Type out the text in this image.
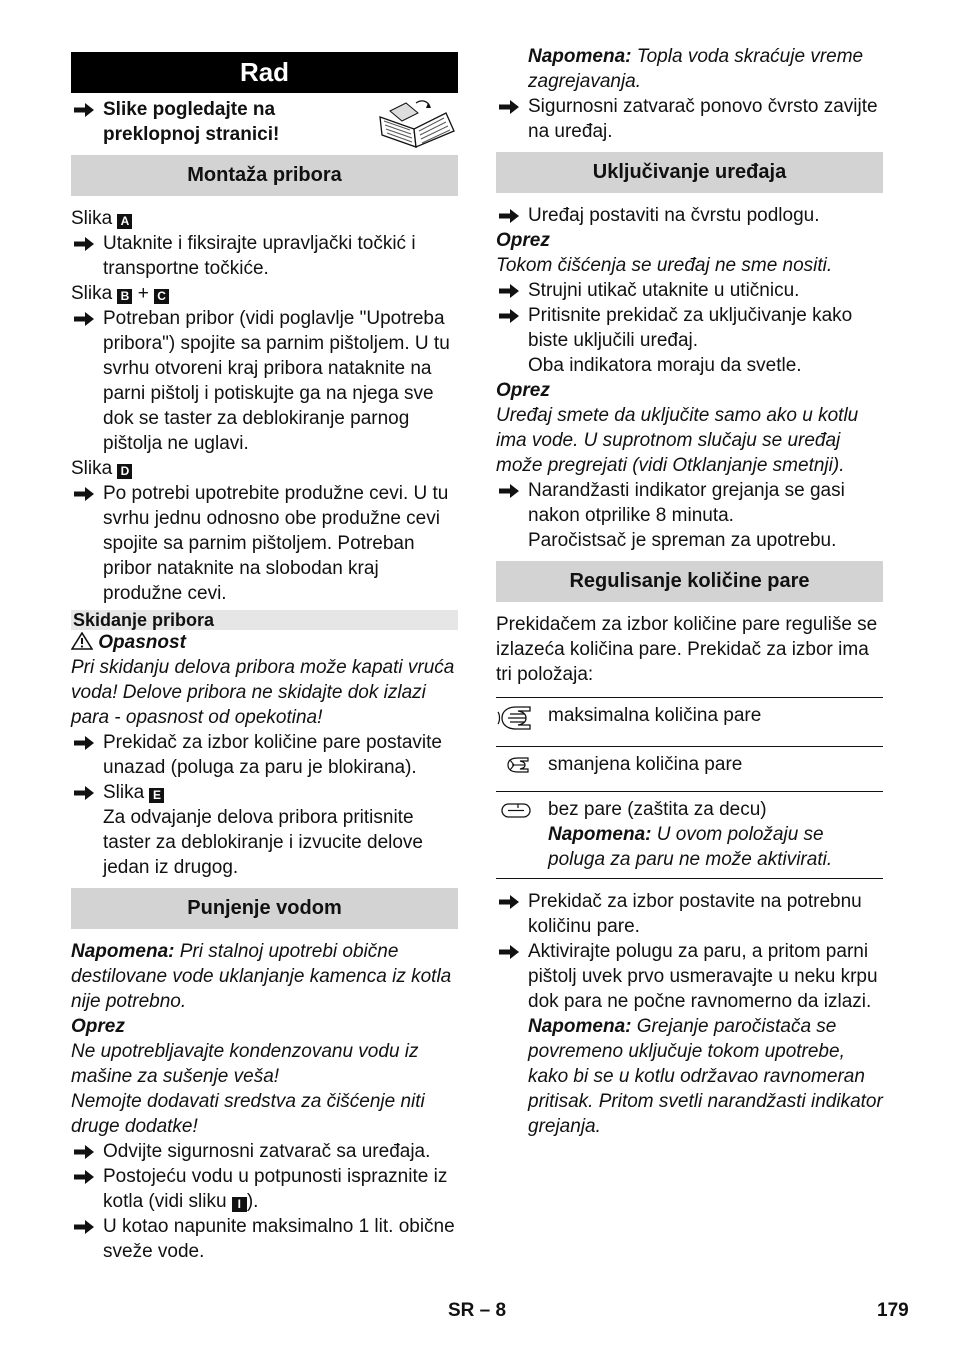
Rad
Slike pogledajte na preklopnoj stranici!
Montaža pribora
Slika A
Utaknite i fiksirajte upravljački točkić i transportne točkiće.
Slika B + C
Potreban pribor (vidi poglavlje "Upotreba pribora") spojite sa parnim pištoljem. U tu svrhu otvoreni kraj pribora nataknite na parni pištolj i potiskujte ga na njega sve dok se taster za deblokiranje parnog pištolja ne uglavi.
Slika D
Po potrebi upotrebite produžne cevi. U tu svrhu jednu odnosno obe produžne cevi spojite sa parnim pištoljem. Potreban pribor nataknite na slobodan kraj produžne cevi.
Skidanje pribora
Opasnost
Pri skidanju delova pribora može kapati vruća voda! Delove pribora ne skidajte dok izlazi para - opasnost od opekotina!
Prekidač za izbor količine pare postavite unazad (poluga za paru je blokirana).
Slika E
Za odvajanje delova pribora pritisnite taster za deblokiranje i izvucite delove jedan iz drugog.
Punjenje vodom
Napomena: Pri stalnoj upotrebi obične destilovane vode uklanjanje kamenca iz kotla nije potrebno.
Oprez
Ne upotrebljavajte kondenzovanu vodu iz mašine za sušenje veša!
Nemojte dodavati sredstva za čišćenje niti druge dodatke!
Odvijte sigurnosni zatvarač sa uređaja.
Postojeću vodu u potpunosti ispraznite iz kotla (vidi sliku I ).
U kotao napunite maksimalno 1 lit. obične sveže vode.
Napomena: Topla voda skraćuje vreme zagrejavanja.
Sigurnosni zatvarač ponovo čvrsto zavijte na uređaj.
Uključivanje uređaja
Uređaj postaviti na čvrstu podlogu.
Oprez
Tokom čišćenja se uređaj ne sme nositi.
Strujni utikač utaknite u utičnicu.
Pritisnite prekidač za uključivanje kako biste uključili uređaj.
Oba indikatora moraju da svetle.
Oprez
Uređaj smete da uključite samo ako u kotlu ima vode. U suprotnom slučaju se uređaj može pregrejati (vidi Otklanjanje smetnji).
Narandžasti indikator grejanja se gasi nakon otprilike 8 minuta.
Paročistsač je spreman za upotrebu.
Regulisanje količine pare
Prekidačem za izbor količine pare reguliše se izlazeća količina pare. Prekidač za izbor ima tri položaja:
	maksimalna količina pare
	smanjena količina pare

bez pare (zaštita za decu)
Napomena: U ovom položaju se poluga za paru ne može aktivirati.
Prekidač za izbor postavite na potrebnu količinu pare.
Aktivirajte polugu za paru, a pritom parni pištolj uvek prvo usmeravajte u neku krpu dok para ne počne ravnomerno da izlazi.
Napomena: Grejanje paročistača se povremeno uključuje tokom upotrebe, kako bi se u kotlu održavao ravnomeran pritisak. Pritom svetli narandžasti indikator grejanja.
SR – 8	179
